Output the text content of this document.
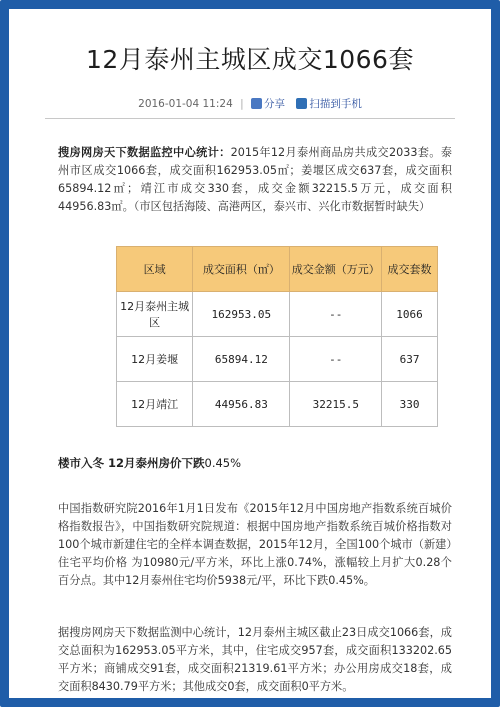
12月泰州主城区成交1066套
2016-01-04 11:24 | 分享 扫描到手机
搜房网房天下数据监控中心统计：2015年12月泰州商品房共成交2033套。泰州市区成交1066套，成交面积162953.05㎡；姜堰区成交637套，成交面积65894.12㎡；靖江市成交330套，成交金额32215.5万元，成交面积44956.83㎡。（市区包括海陵、高港两区，泰兴市、兴化市数据暂时缺失）
区域	成交面积（㎡）	成交金额（万元）	成交套数
12月泰州主城区	162953.05	--	1066
12月姜堰	65894.12	--	637
12月靖江	44956.83	32215.5	330
楼市入冬 12月泰州房价下跌0.45%
中国指数研究院2016年1月1日发布《2015年12月中国房地产指数系统百城价格指数报告》，中国指数研究院规道：根据中国房地产指数系统百城价格指数对100个城市新建住宅的全样本调查数据，2015年12月，全国100个城市（新建）住宅平均价格 为10980元/平方米，环比上涨0.74%，涨幅较上月扩大0.28个百分点。其中12月泰州住宅均价5938元/平，环比下跌0.45%。
据搜房网房天下数据监测中心统计，12月泰州主城区截止23日成交1066套，成交总面积为162953.05平方米，其中，住宅成交957套，成交面积133202.65平方米；商铺成交91套，成交面积21319.61平方米；办公用房成交18套，成交面积8430.79平方米；其他成交0套，成交面积0平方米。
